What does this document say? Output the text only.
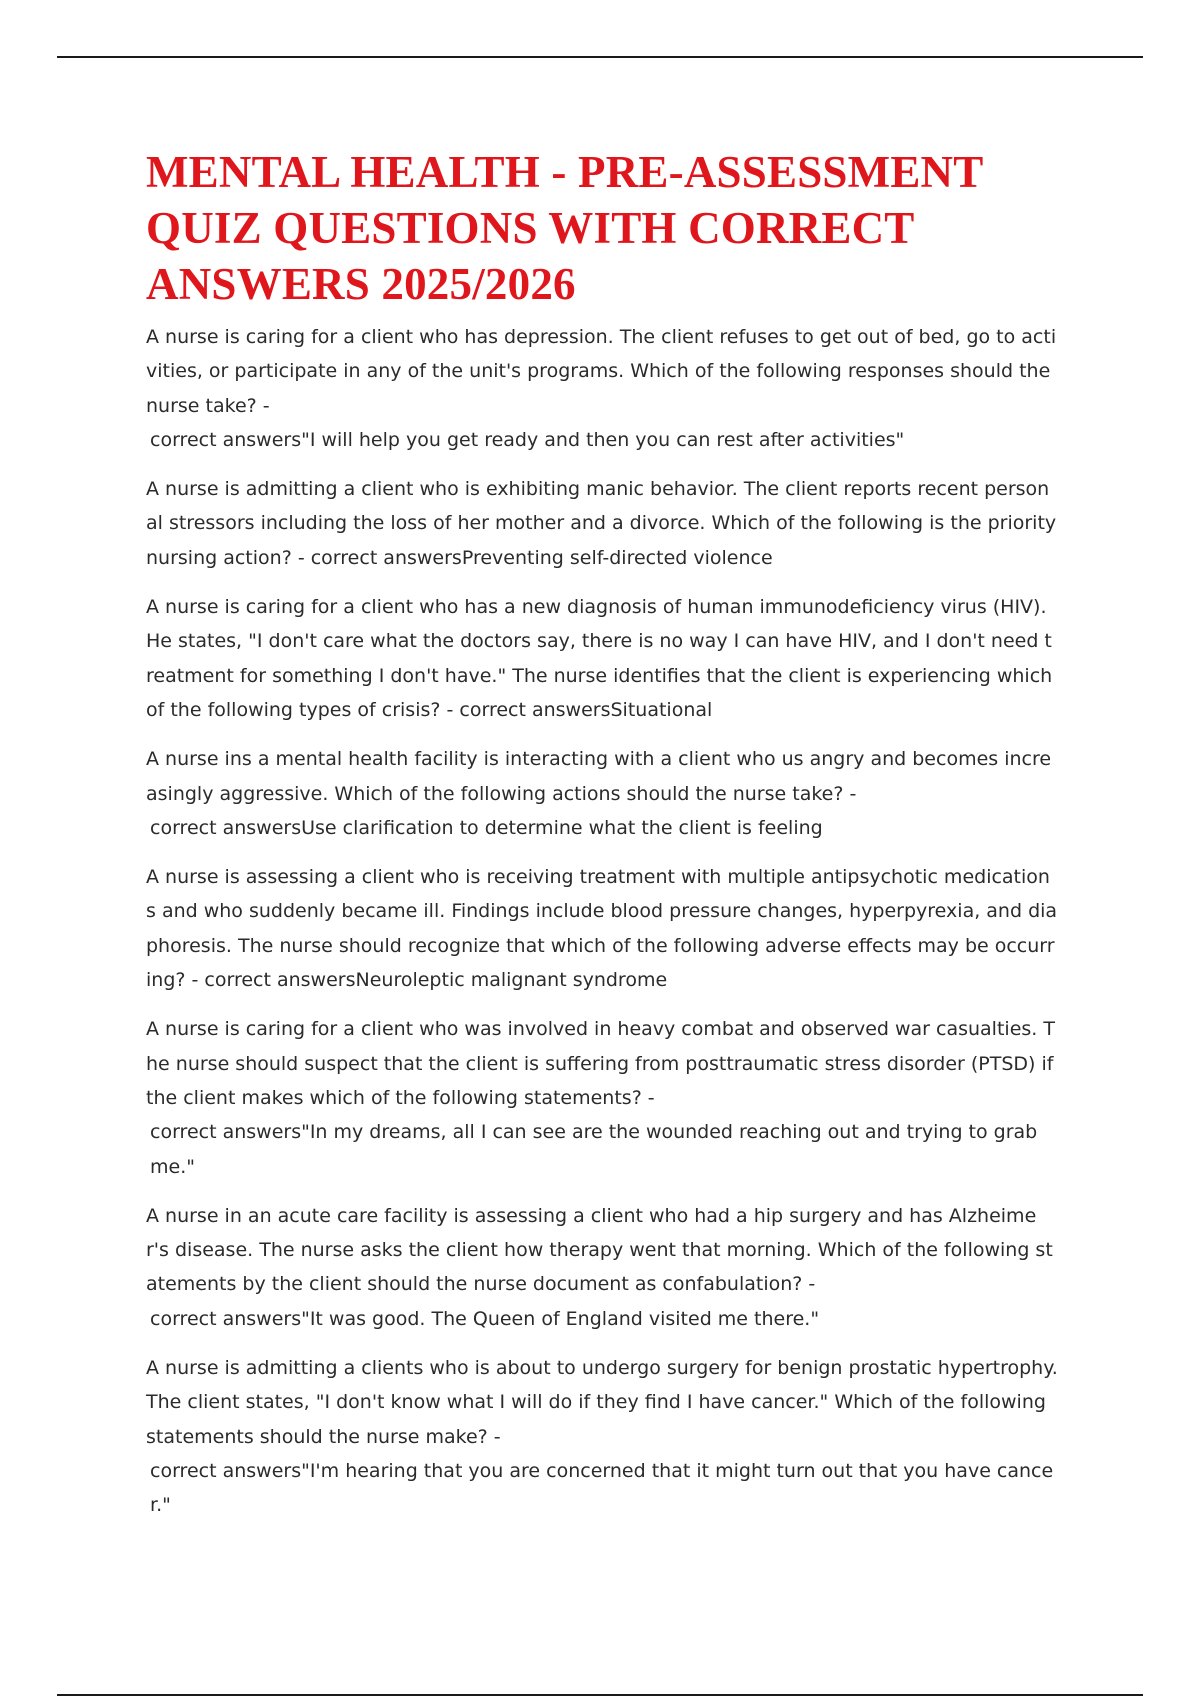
MENTAL HEALTH - PRE-ASSESSMENT QUIZ QUESTIONS WITH CORRECT ANSWERS 2025/2026

A nurse is caring for a client who has depression. The client refuses to get out of bed, go to activities, or participate in any of the unit's programs. Which of the following responses should the nurse take? -
correct answers"I will help you get ready and then you can rest after activities"

A nurse is admitting a client who is exhibiting manic behavior. The client reports recent personal stressors including the loss of her mother and a divorce. Which of the following is the priority nursing action? - correct answersPreventing self-directed violence

A nurse is caring for a client who has a new diagnosis of human immunodeficiency virus (HIV). He states, "I don't care what the doctors say, there is no way I can have HIV, and I don't need treatment for something I don't have." The nurse identifies that the client is experiencing which of the following types of crisis? - correct answersSituational

A nurse ins a mental health facility is interacting with a client who us angry and becomes increasingly aggressive. Which of the following actions should the nurse take? -
correct answersUse clarification to determine what the client is feeling

A nurse is assessing a client who is receiving treatment with multiple antipsychotic medications and who suddenly became ill. Findings include blood pressure changes, hyperpyrexia, and diaphoresis. The nurse should recognize that which of the following adverse effects may be occurring? - correct answersNeuroleptic malignant syndrome

A nurse is caring for a client who was involved in heavy combat and observed war casualties. The nurse should suspect that the client is suffering from posttraumatic stress disorder (PTSD) if the client makes which of the following statements? -
correct answers"In my dreams, all I can see are the wounded reaching out and trying to grab me."

A nurse in an acute care facility is assessing a client who had a hip surgery and has Alzheimer's disease. The nurse asks the client how therapy went that morning. Which of the following statements by the client should the nurse document as confabulation? -
correct answers"It was good. The Queen of England visited me there."

A nurse is admitting a clients who is about to undergo surgery for benign prostatic hypertrophy. The client states, "I don't know what I will do if they find I have cancer." Which of the following statements should the nurse make? -
correct answers"I'm hearing that you are concerned that it might turn out that you have cancer."
